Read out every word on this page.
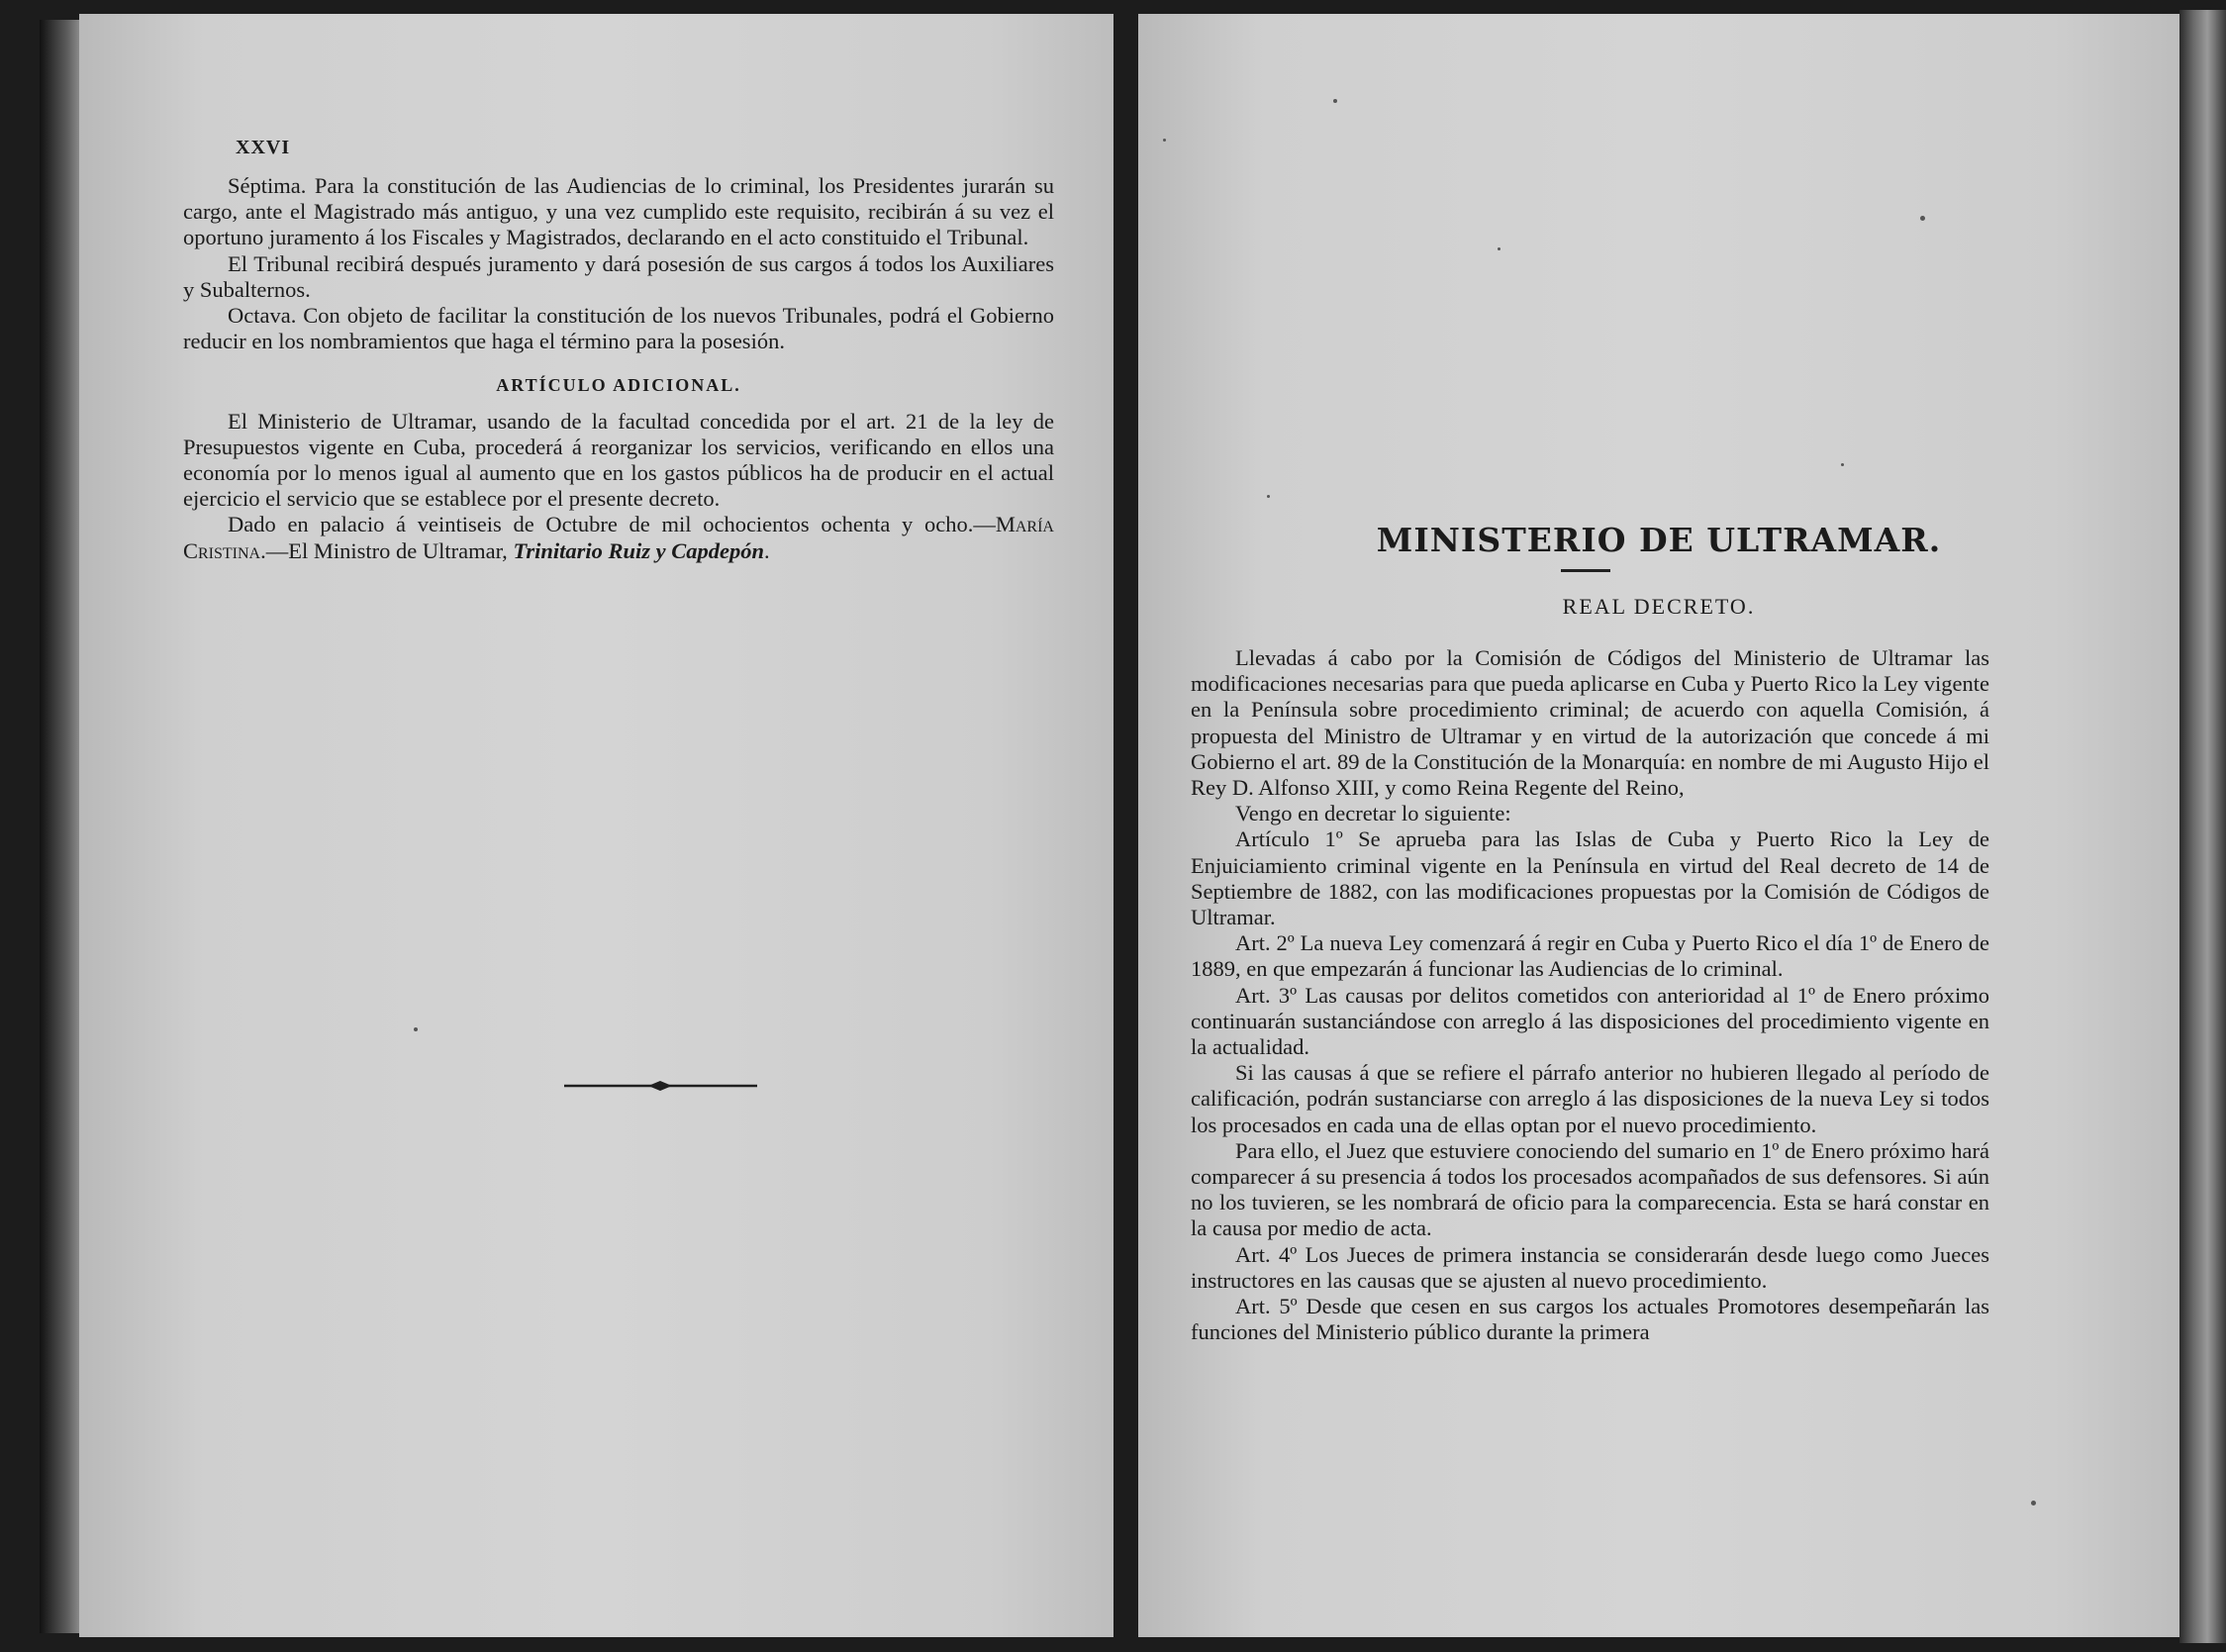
XXVI

Séptima. Para la constitución de las Audiencias de lo criminal, los Presidentes jurarán su cargo, ante el Magistrado más antiguo, y una vez cumplido este requisito, recibirán á su vez el oportuno juramento á los Fiscales y Magistrados, declarando en el acto constituido el Tribunal.

El Tribunal recibirá después juramento y dará posesión de sus cargos á todos los Auxiliares y Subalternos.

Octava. Con objeto de facilitar la constitución de los nuevos Tribunales, podrá el Gobierno reducir en los nombramientos que haga el término para la posesión.

ARTÍCULO ADICIONAL.

El Ministerio de Ultramar, usando de la facultad concedida por el art. 21 de la ley de Presupuestos vigente en Cuba, procederá á reorganizar los servicios, verificando en ellos una economía por lo menos igual al aumento que en los gastos públicos ha de producir en el actual ejercicio el servicio que se establece por el presente decreto.

Dado en palacio á veintiseis de Octubre de mil ochocientos ochenta y ocho.—María Cristina.—El Ministro de Ultramar, Trinitario Ruiz y Capdepón.	MINISTERIO DE ULTRAMAR.
REAL DECRETO.

Llevadas á cabo por la Comisión de Códigos del Ministerio de Ultramar las modificaciones necesarias para que pueda aplicarse en Cuba y Puerto Rico la Ley vigente en la Península sobre procedimiento criminal; de acuerdo con aquella Comisión, á propuesta del Ministro de Ultramar y en virtud de la autorización que concede á mi Gobierno el art. 89 de la Constitución de la Monarquía: en nombre de mi Augusto Hijo el Rey D. Alfonso XIII, y como Reina Regente del Reino,

Vengo en decretar lo siguiente:

Artículo 1º Se aprueba para las Islas de Cuba y Puerto Rico la Ley de Enjuiciamiento criminal vigente en la Península en virtud del Real decreto de 14 de Septiembre de 1882, con las modificaciones propuestas por la Comisión de Códigos de Ultramar.

Art. 2º La nueva Ley comenzará á regir en Cuba y Puerto Rico el día 1º de Enero de 1889, en que empezarán á funcionar las Audiencias de lo criminal.

Art. 3º Las causas por delitos cometidos con anterioridad al 1º de Enero próximo continuarán sustanciándose con arreglo á las disposiciones del procedimiento vigente en la actualidad.

Si las causas á que se refiere el párrafo anterior no hubieren llegado al período de calificación, podrán sustanciarse con arreglo á las disposiciones de la nueva Ley si todos los procesados en cada una de ellas optan por el nuevo procedimiento.

Para ello, el Juez que estuviere conociendo del sumario en 1º de Enero próximo hará comparecer á su presencia á todos los procesados acompañados de sus defensores. Si aún no los tuvieren, se les nombrará de oficio para la comparecencia. Esta se hará constar en la causa por medio de acta.

Art. 4º Los Jueces de primera instancia se considerarán desde luego como Jueces instructores en las causas que se ajusten al nuevo procedimiento.

Art. 5º Desde que cesen en sus cargos los actuales Promotores desempeñarán las funciones del Ministerio público durante la primera
